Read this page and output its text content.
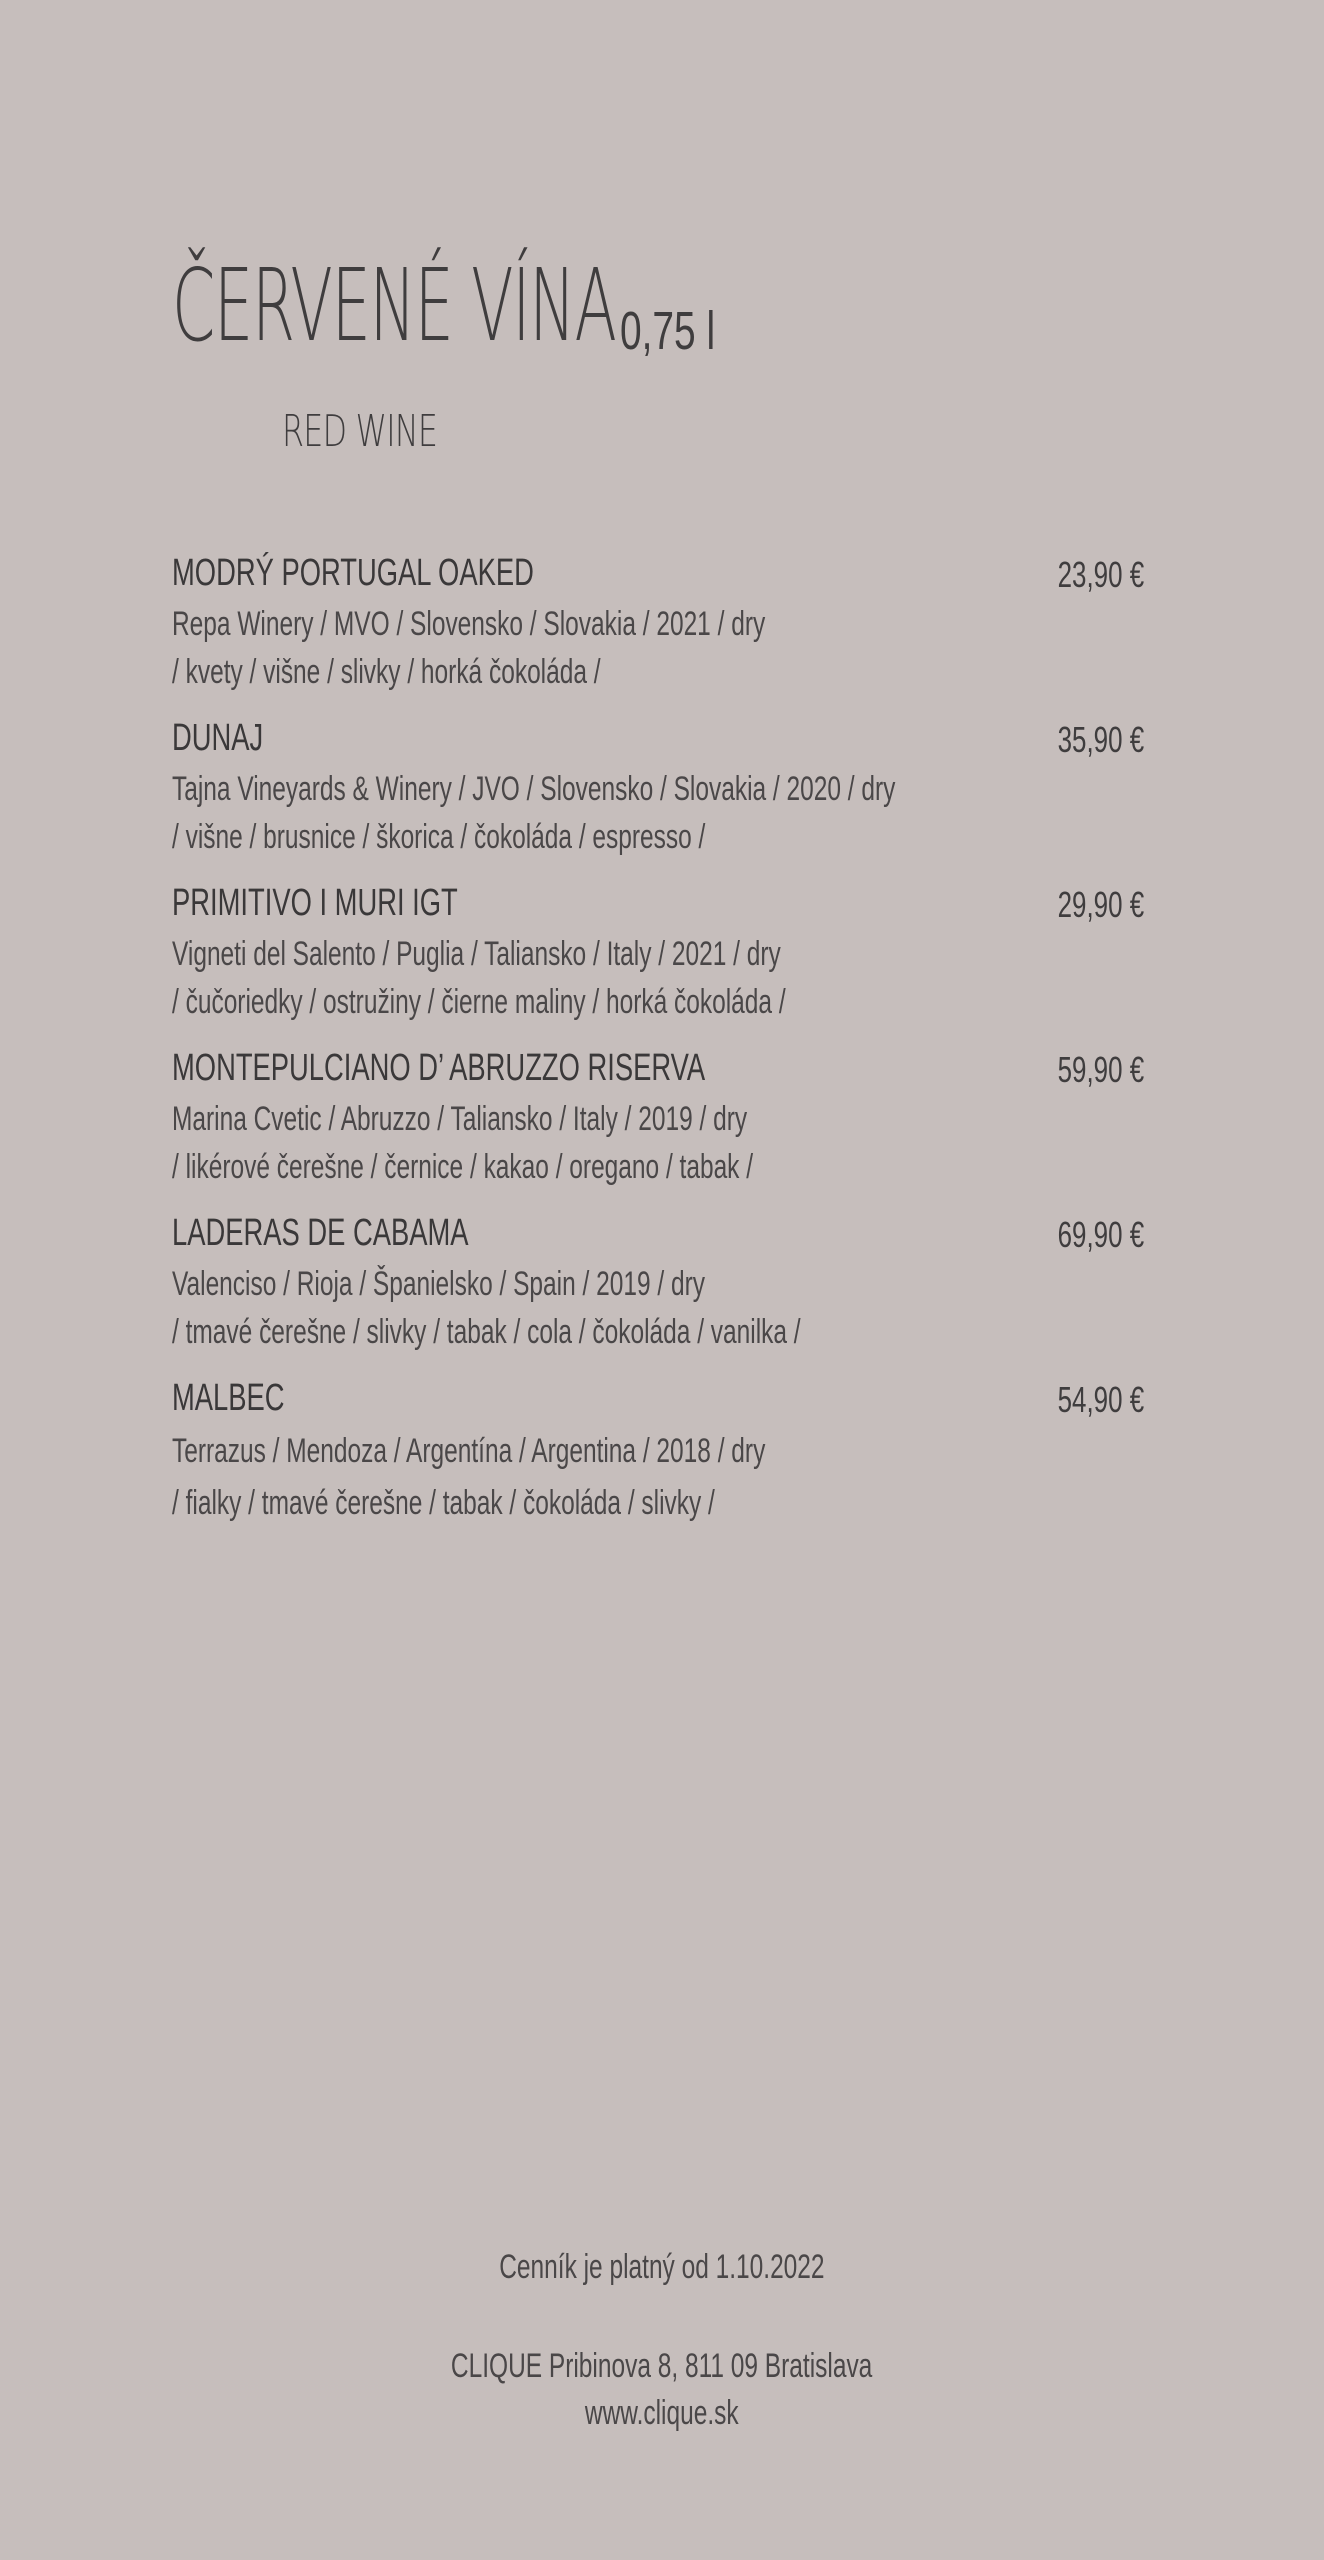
ČERVENÉ VÍNA 0,75 l
RED WINE
MODRÝ PORTUGAL OAKED	23,90 €
Repa Winery / MVO / Slovensko / Slovakia / 2021 / dry
/ kvety / višne / slivky / horká čokoláda /
DUNAJ	35,90 €
Tajna Vineyards & Winery / JVO / Slovensko / Slovakia / 2020 / dry
/ višne / brusnice / škorica / čokoláda / espresso /
PRIMITIVO I MURI IGT	29,90 €
Vigneti del Salento / Puglia / Taliansko / Italy / 2021 / dry
/ čučoriedky / ostružiny / čierne maliny / horká čokoláda /
MONTEPULCIANO D’ ABRUZZO RISERVA	59,90 €
Marina Cvetic / Abruzzo / Taliansko / Italy / 2019 / dry
/ likérové čerešne / černice / kakao / oregano / tabak /
LADERAS DE CABAMA	69,90 €
Valenciso / Rioja / Španielsko / Spain / 2019 / dry
/ tmavé čerešne / slivky / tabak / cola / čokoláda / vanilka /
MALBEC	54,90 €
Terrazus / Mendoza / Argentína / Argentina / 2018 / dry
/ fialky / tmavé čerešne / tabak / čokoláda / slivky /
Cenník je platný od 1.10.2022
CLIQUE Pribinova 8, 811 09 Bratislava
www.clique.sk
